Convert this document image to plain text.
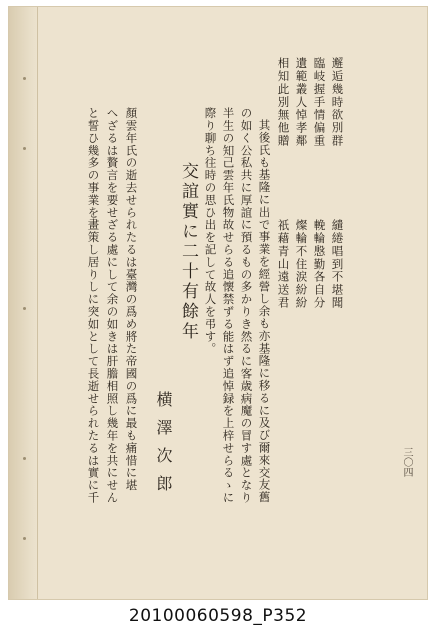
三〇四
邂逅幾時欲別群
臨岐握手情偏重
遺範叢人悼孝鄰
相知此別無他贈
繾綣唱到不堪聞
輓輪慇勤各自分
燦輪不住涙紛紛
祇藉青山遠送君
其後氏も基隆に出で事業を經營し余も亦基隆に移るに及び爾來交友舊
の如く公私共に厚誼に預るもの多かりき然るに客歳病魔の冒す處となり
半生の知己雲年氏物故せらる追懐禁ずる能はず追悼録を上梓せらるゝに
際り聊ち往時の思ひ出を記して故人を弔す。
交誼實に二十有餘年
横澤次郎
顏雲年氏の逝去せられたるは臺灣の爲め將た帝國の爲に最も痛惜に堪
へざるは贅言を要せざる處にして余の如きは肝膽相照し幾年を共にせん
と誓ひ幾多の事業を畫策し居りしに突如として長逝せられたるは實に千
20100060598_P352
